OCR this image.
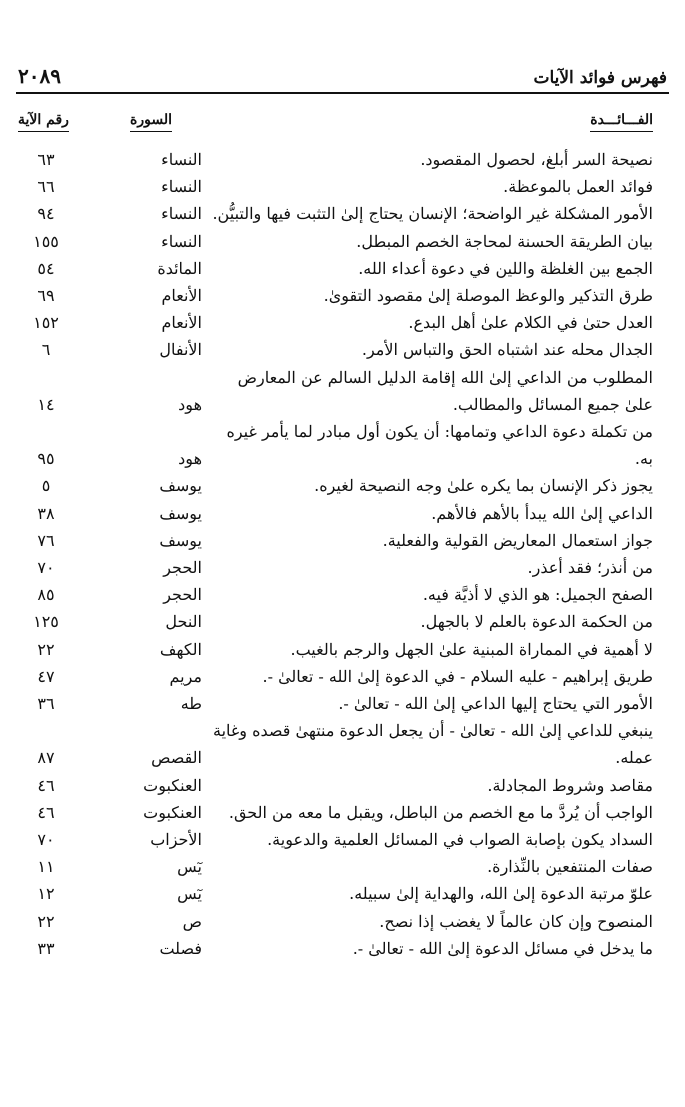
فهرس فوائد الآيات
٢٠٨٩
الفـــائـــدة
السورة
رقم الآية
نصيحة السر أبلغ، لحصول المقصود.
النساء
٦٣
فوائد العمل بالموعظة.
النساء
٦٦
الأمور المشكلة غير الواضحة؛ الإنسان يحتاج إلىٰ التثبت فيها والتبيُّن.
النساء
٩٤
بيان الطريقة الحسنة لمحاجة الخصم المبطل.
النساء
١٥٥
الجمع بين الغلظة واللين في دعوة أعداء الله.
المائدة
٥٤
طرق التذكير والوعظ الموصلة إلىٰ مقصود التقوىٰ.
الأنعام
٦٩
العدل حتىٰ في الكلام علىٰ أهل البدع.
الأنعام
١٥٢
الجدال محله عند اشتباه الحق والتباس الأمر.
الأنفال
٦
المطلوب من الداعي إلىٰ الله إقامة الدليل السالم عن المعارض علىٰ جميع المسائل والمطالب.
هود
١٤
من تكملة دعوة الداعي وتمامها: أن يكون أول مبادر لما يأمر غيره به.
هود
٩٥
يجوز ذكر الإنسان بما يكره علىٰ وجه النصيحة لغيره.
يوسف
٥
الداعي إلىٰ الله يبدأ بالأهم فالأهم.
يوسف
٣٨
جواز استعمال المعاريض القولية والفعلية.
يوسف
٧٦
من أنذر؛ فقد أعذر.
الحجر
٧٠
الصفح الجميل: هو الذي لا أذيَّة فيه.
الحجر
٨٥
من الحكمة الدعوة بالعلم لا بالجهل.
النحل
١٢٥
لا أهمية في المماراة المبنية علىٰ الجهل والرجم بالغيب.
الكهف
٢٢
طريق إبراهيم - عليه السلام - في الدعوة إلىٰ الله - تعالىٰ -.
مريم
٤٧
الأمور التي يحتاج إليها الداعي إلىٰ الله - تعالىٰ -.
طه
٣٦
ينبغي للداعي إلىٰ الله - تعالىٰ - أن يجعل الدعوة منتهىٰ قصده وغاية عمله.
القصص
٨٧
مقاصد وشروط المجادلة.
العنكبوت
٤٦
الواجب أن يُردَّ ما مع الخصم من الباطل، ويقبل ما معه من الحق.
العنكبوت
٤٦
السداد يكون بإصابة الصواب في المسائل العلمية والدعوية.
الأحزاب
٧٠
صفات المنتفعين بالنِّذارة.
يٓس
١١
علوّ مرتبة الدعوة إلىٰ الله، والهداية إلىٰ سبيله.
يٓس
١٢
المنصوح وإن كان عالماً لا يغضب إذا نصح.
ص
٢٢
ما يدخل في مسائل الدعوة إلىٰ الله - تعالىٰ -.
فصلت
٣٣
